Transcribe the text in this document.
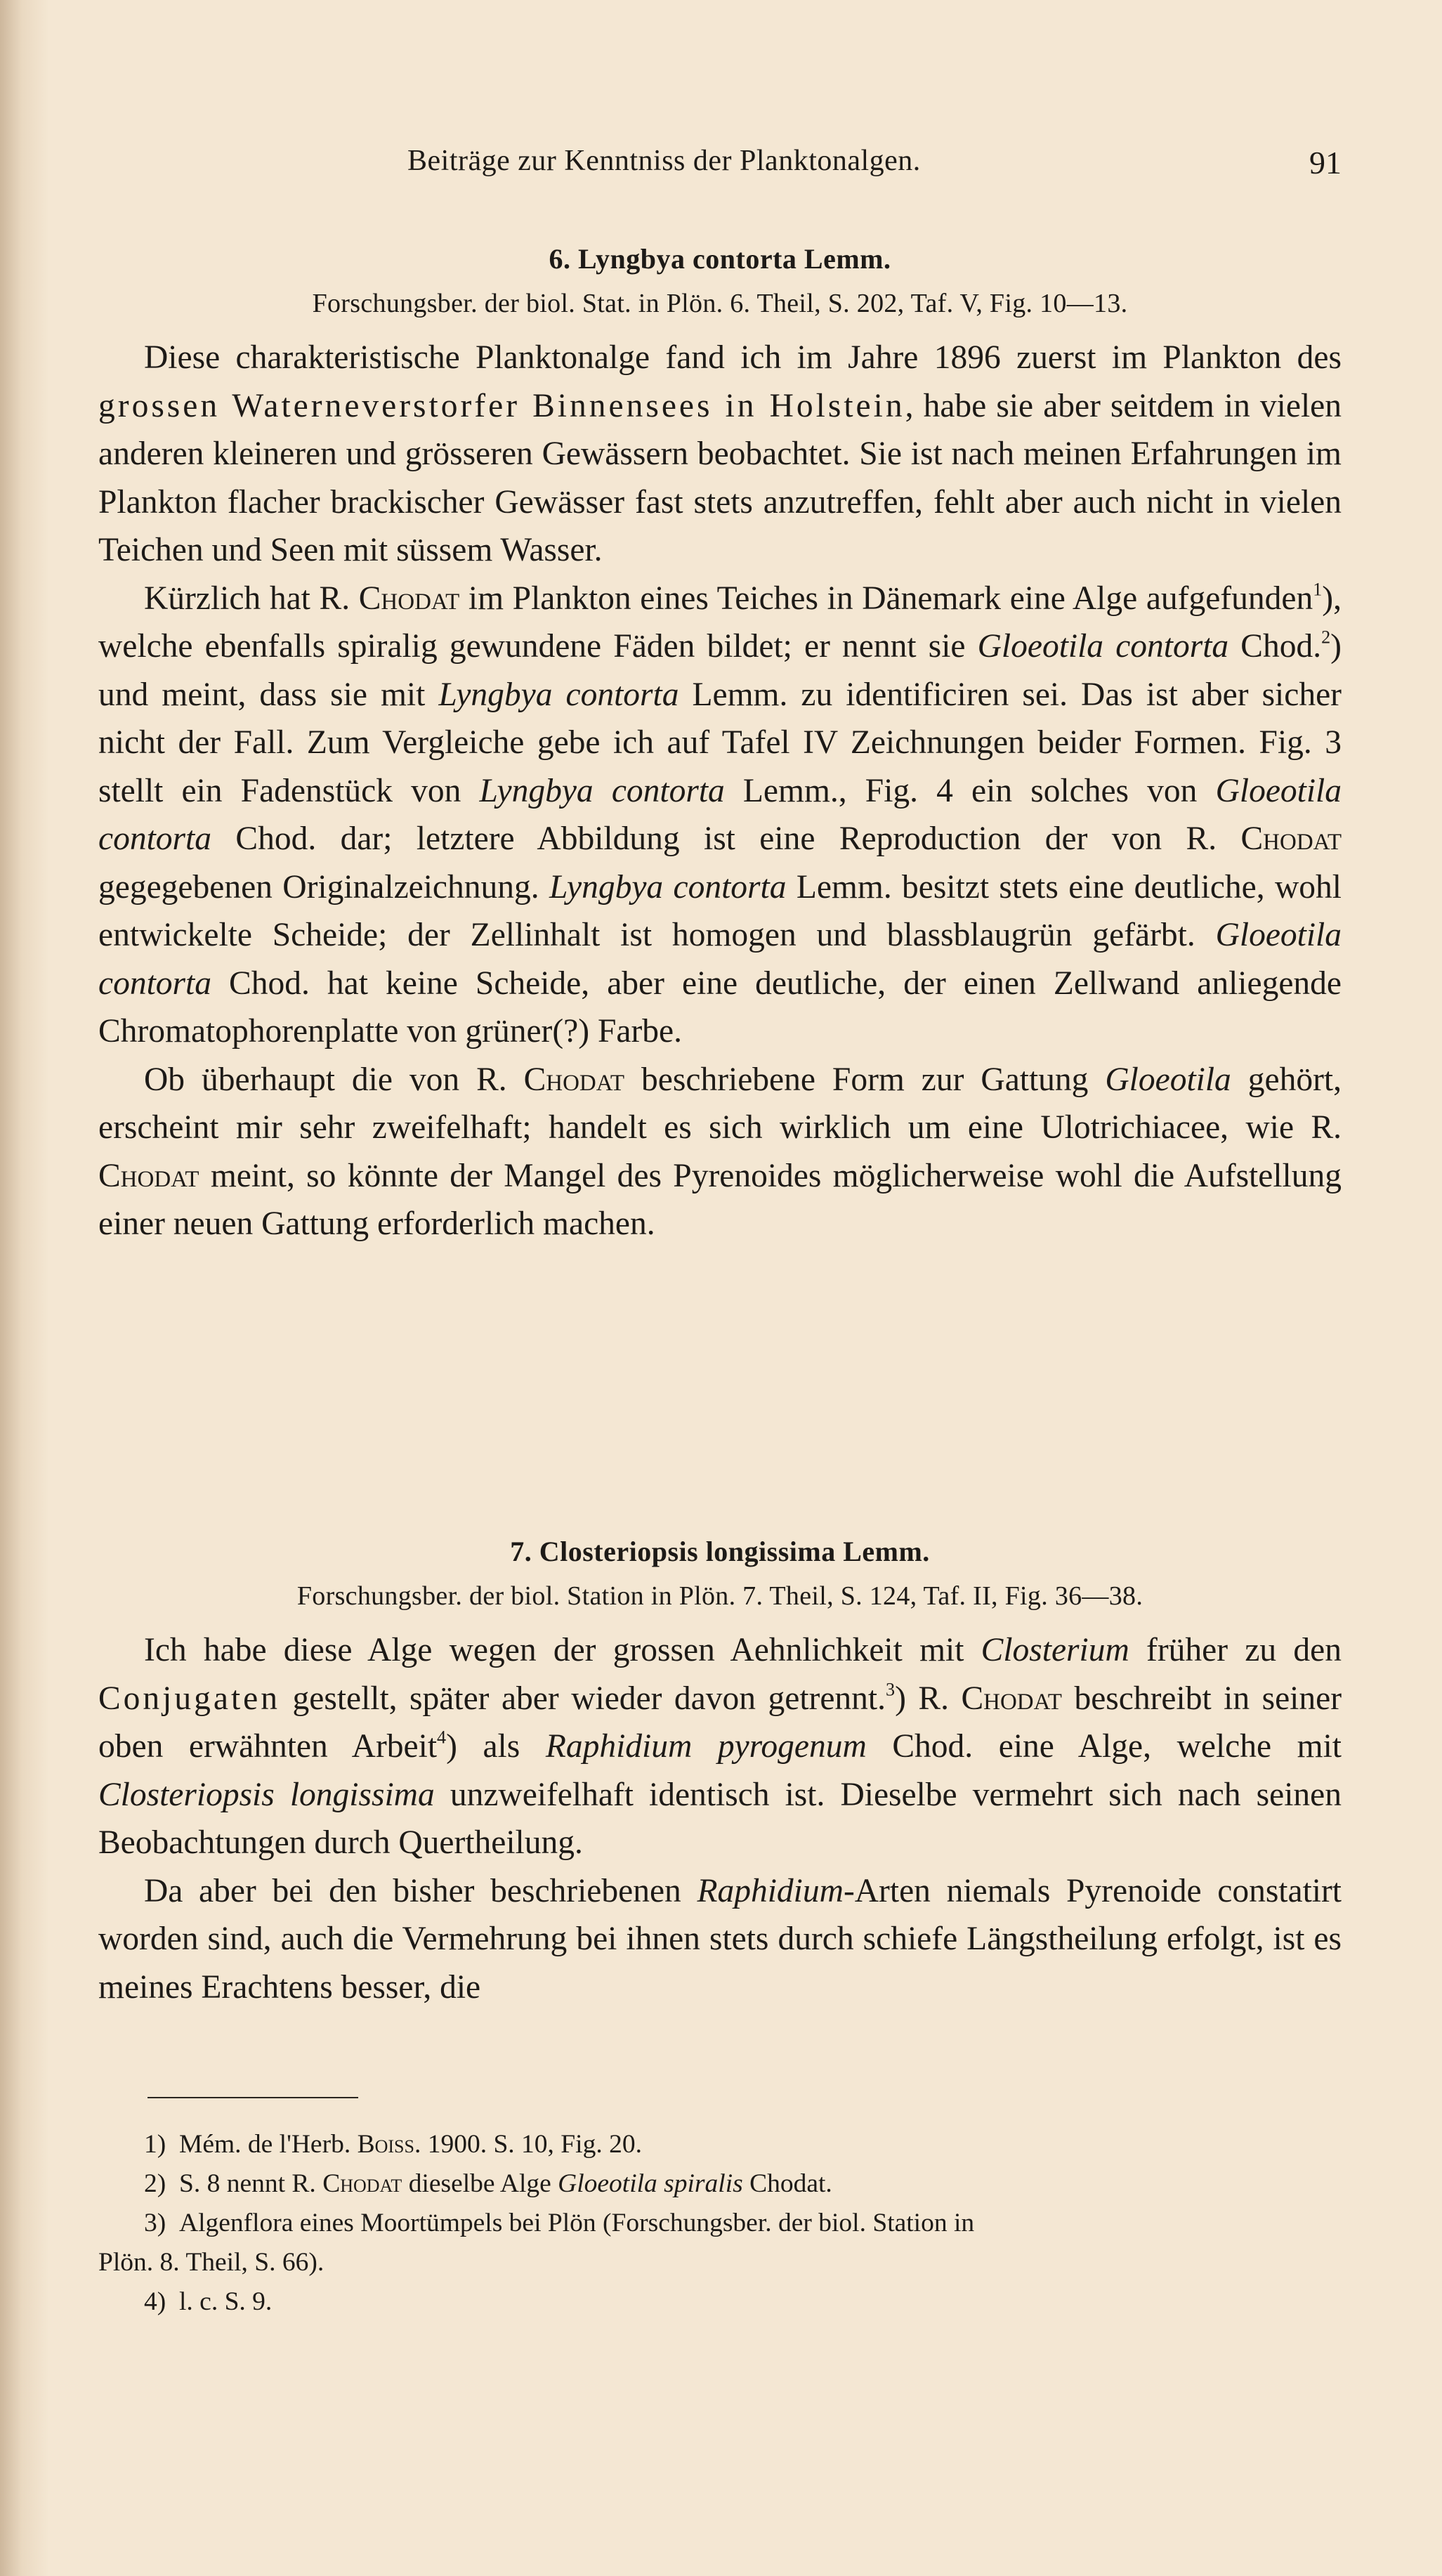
Beiträge zur Kenntniss der Planktonalgen.	91
6. Lyngbya contorta Lemm.
Forschungsber. der biol. Stat. in Plön. 6. Theil, S. 202, Taf. V, Fig. 10—13.

Diese charakteristische Planktonalge fand ich im Jahre 1896 zuerst im Plankton des grossen Waterneverstorfer Binnensees in Holstein, habe sie aber seitdem in vielen anderen kleineren und grösseren Gewässern beobachtet. Sie ist nach meinen Erfahrungen im Plankton flacher brackischer Gewässer fast stets anzutreffen, fehlt aber auch nicht in vielen Teichen und Seen mit süssem Wasser.

Kürzlich hat R. Chodat im Plankton eines Teiches in Dänemark eine Alge aufgefunden$^1$), welche ebenfalls spiralig gewundene Fäden bildet; er nennt sie Gloeotila contorta Chod.$^2$) und meint, dass sie mit Lyngbya contorta Lemm. zu identificiren sei. Das ist aber sicher nicht der Fall. Zum Vergleiche gebe ich auf Tafel IV Zeichnungen beider Formen. Fig. 3 stellt ein Fadenstück von Lyngbya contorta Lemm., Fig. 4 ein solches von Gloeotila contorta Chod. dar; letztere Abbildung ist eine Reproduction der von R. Chodat gegegebenen Originalzeichnung. Lyngbya contorta Lemm. besitzt stets eine deutliche, wohl entwickelte Scheide; der Zellinhalt ist homogen und blassblaugrün gefärbt. Gloeotila contorta Chod. hat keine Scheide, aber eine deutliche, der einen Zellwand anliegende Chromatophorenplatte von grüner(?) Farbe.

Ob überhaupt die von R. Chodat beschriebene Form zur Gattung Gloeotila gehört, erscheint mir sehr zweifelhaft; handelt es sich wirklich um eine Ulotrichiacee, wie R. Chodat meint, so könnte der Mangel des Pyrenoides möglicherweise wohl die Aufstellung einer neuen Gattung erforderlich machen.

7. Closteriopsis longissima Lemm.
Forschungsber. der biol. Station in Plön. 7. Theil, S. 124, Taf. II, Fig. 36—38.

Ich habe diese Alge wegen der grossen Aehnlichkeit mit Closterium früher zu den Conjugaten gestellt, später aber wieder davon getrennt.$^3$) R. Chodat beschreibt in seiner oben erwähnten Arbeit$^4$) als Raphidium pyrogenum Chod. eine Alge, welche mit Closteriopsis longissima unzweifelhaft identisch ist. Dieselbe vermehrt sich nach seinen Beobachtungen durch Quertheilung.

Da aber bei den bisher beschriebenen Raphidium-Arten niemals Pyrenoide constatirt worden sind, auch die Vermehrung bei ihnen stets durch schiefe Längstheilung erfolgt, ist es meines Erachtens besser, die

1) Mém. de l'Herb. Boiss. 1900. S. 10, Fig. 20.
2) S. 8 nennt R. Chodat dieselbe Alge Gloeotila spiralis Chodat.
3) Algenflora eines Moortümpels bei Plön (Forschungsber. der biol. Station in
Plön. 8. Theil, S. 66).
4) l. c. S. 9.
